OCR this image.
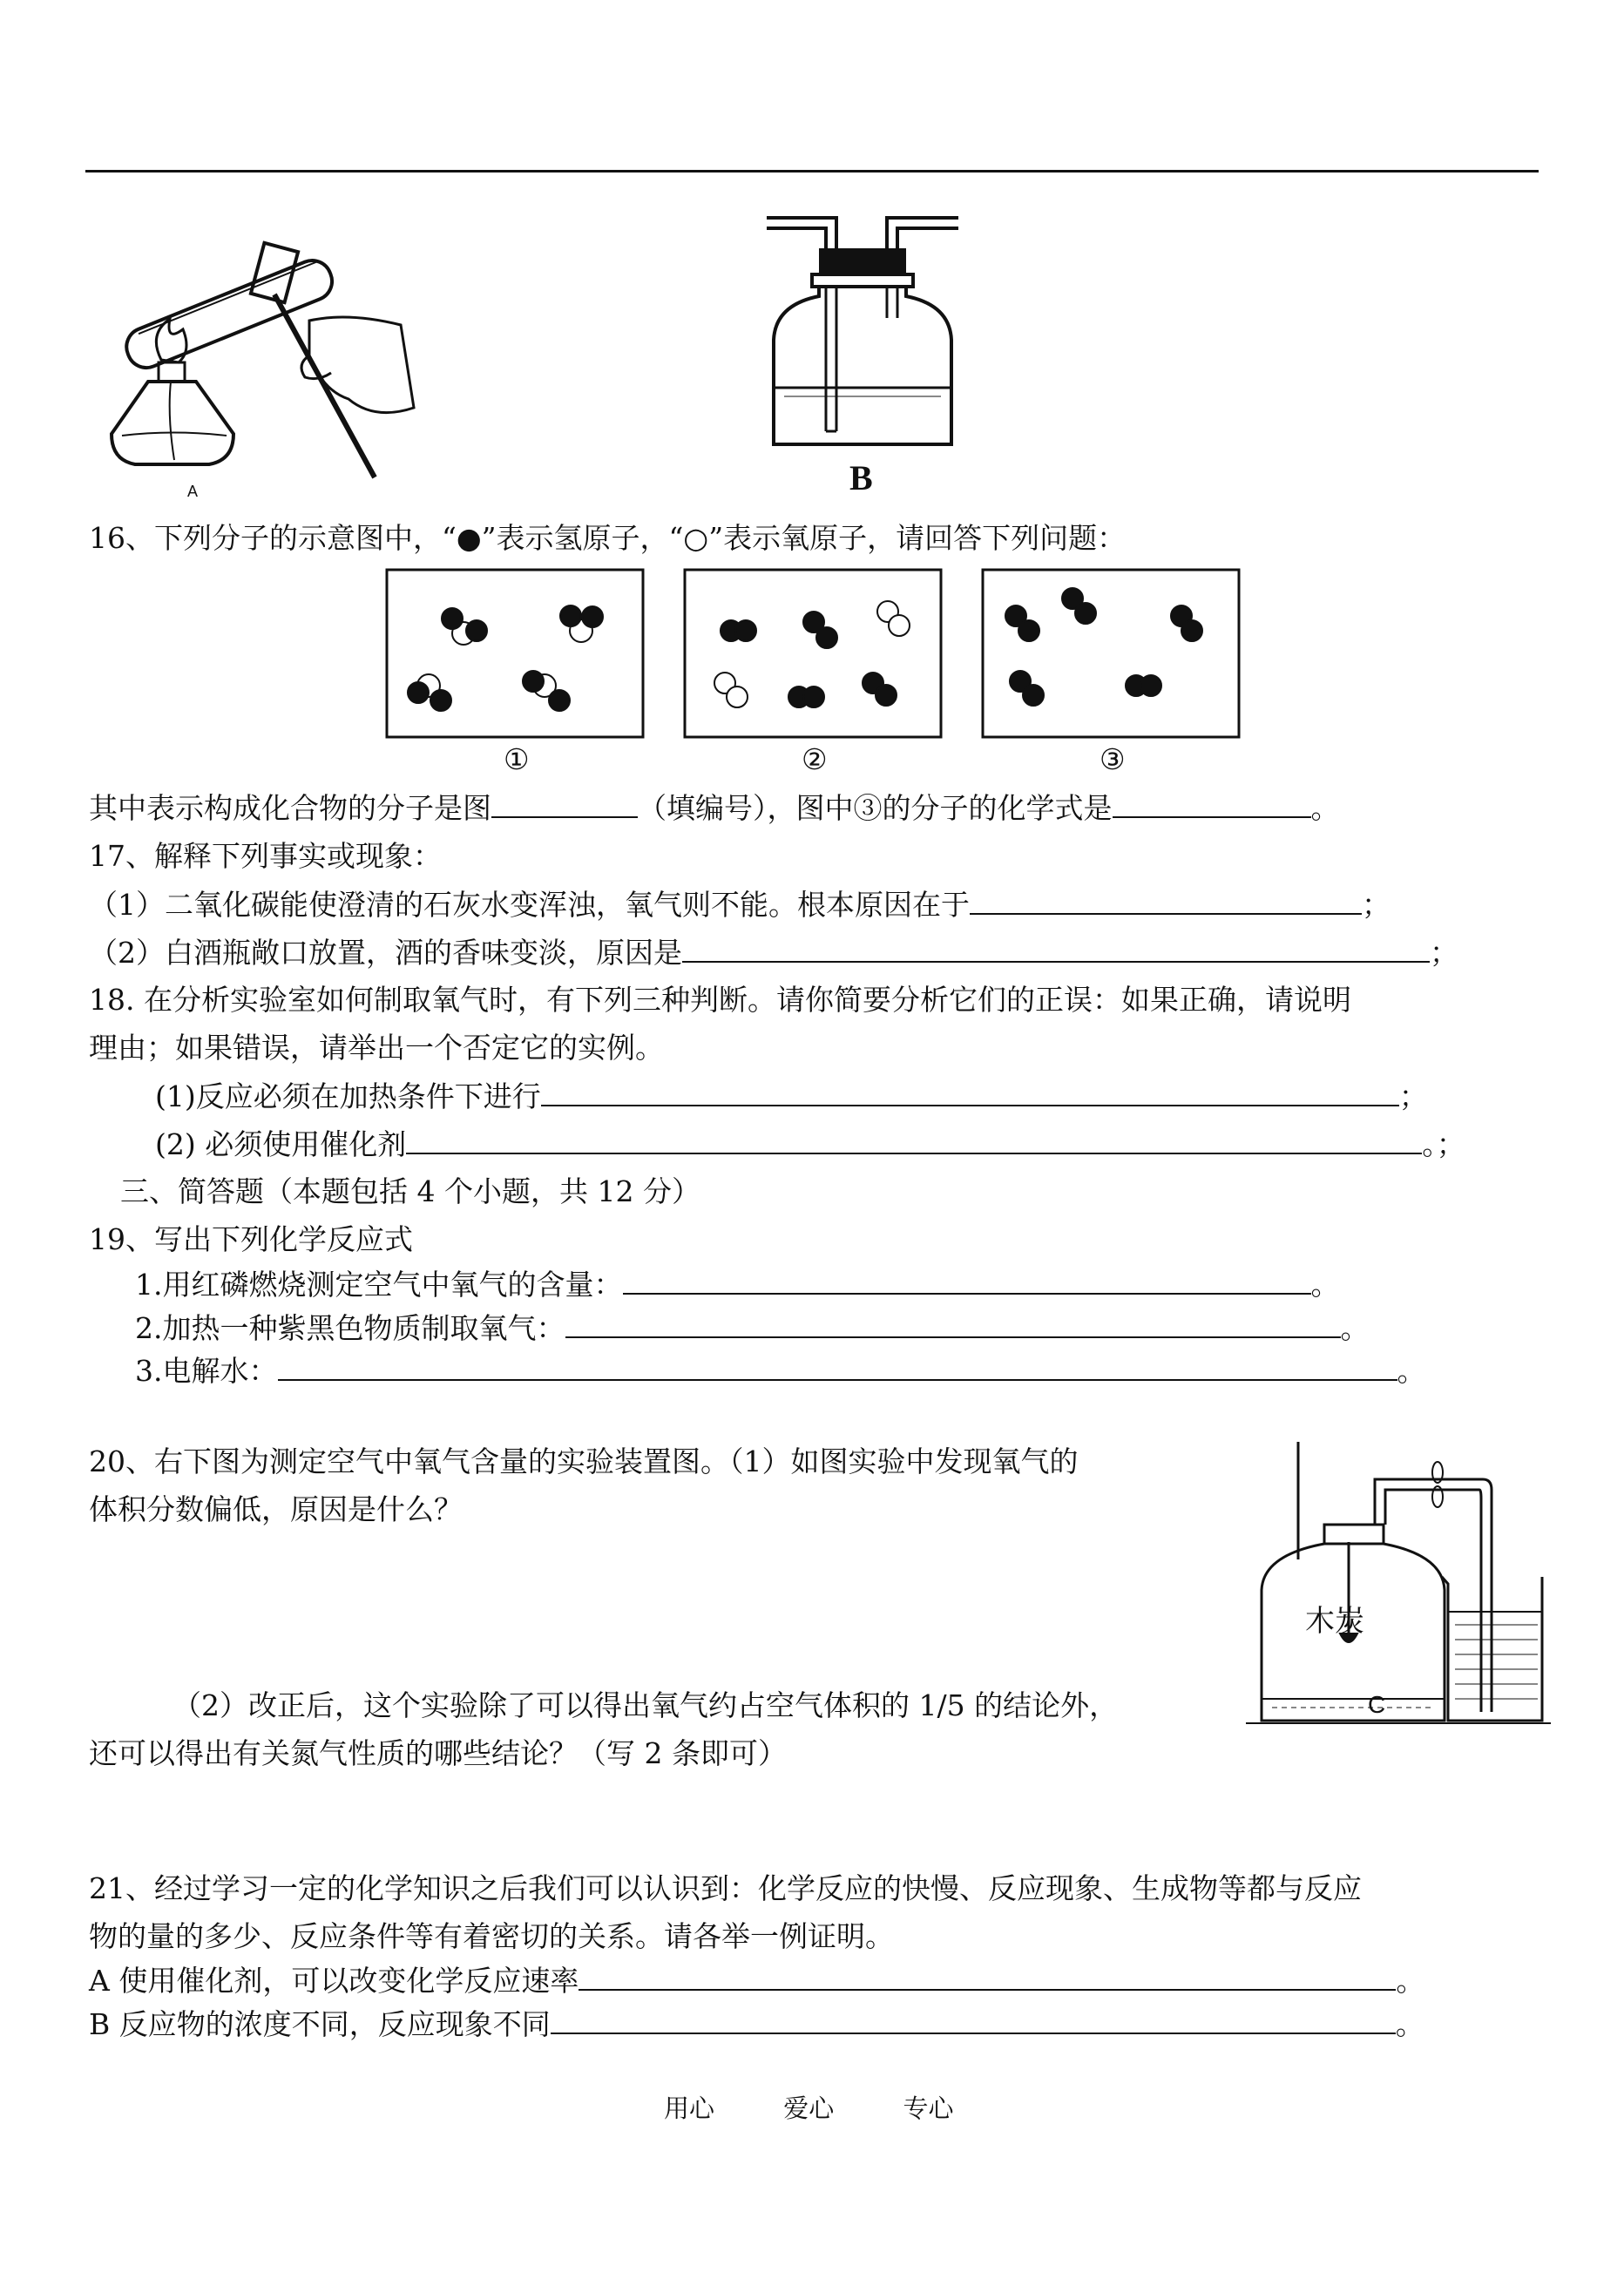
A	B
16、下列分子的示意图中，“●”表示氢原子，“○”表示氧原子，请回答下列问题：
①	②	③
其中表示构成化合物的分子是图	（填编号），图中③的分子的化学式是	。
17、解释下列事实或现象：
（1）二氧化碳能使澄清的石灰水变浑浊，氧气则不能。根本原因在于	；
（2）白酒瓶敞口放置，酒的香味变淡，原因是	；
18. 在分析实验室如何制取氧气时，有下列三种判断。请你简要分析它们的正误：如果正确，请说明
理由；如果错误，请举出一个否定它的实例。
(1)反应必须在加热条件下进行	；
(2) 必须使用催化剂	。；
三、简答题（本题包括 4 个小题，共 12 分）
19、写出下列化学反应式
1.用红磷燃烧测定空气中氧气的含量：	。
2.加热一种紫黑色物质制取氧气：	。
3.电解水：	。
20、右下图为测定空气中氧气含量的实验装置图。（1）如图实验中发现氧气的
体积分数偏低，原因是什么？
（2）改正后，这个实验除了可以得出氧气约占空气体积的 1/5 的结论外，
还可以得出有关氮气性质的哪些结论？（写 2 条即可）
木炭
C
21、经过学习一定的化学知识之后我们可以认识到：化学反应的快慢、反应现象、生成物等都与反应
物的量的多少、反应条件等有着密切的关系。请各举一例证明。
A 使用催化剂，可以改变化学反应速率	。
B 反应物的浓度不同，反应现象不同	。
用心	爱心	专心
